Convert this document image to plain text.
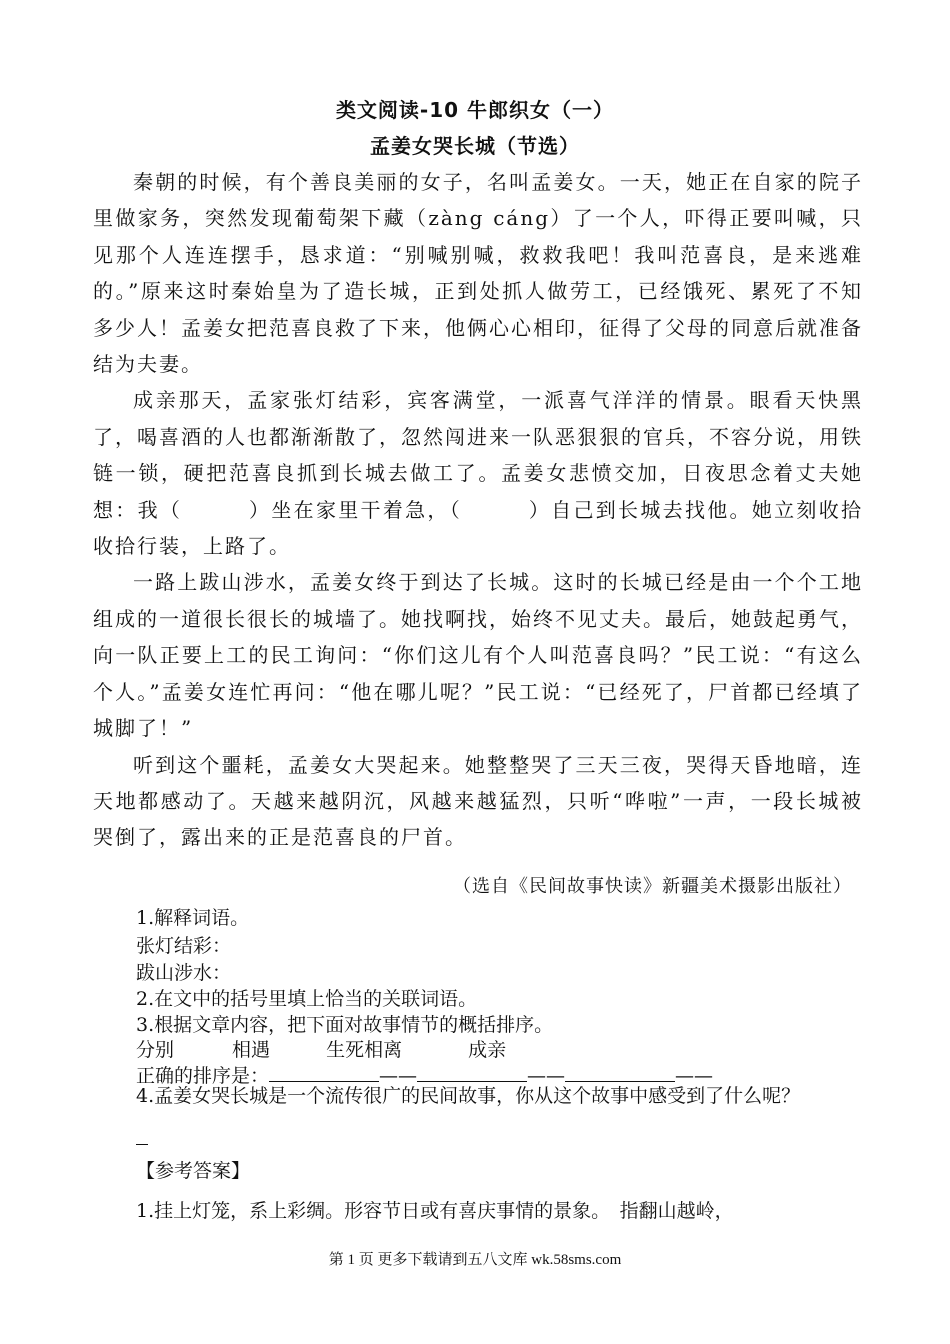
类文阅读-10 牛郎织女（一）
孟姜女哭长城（节选）

秦朝的时候，有个善良美丽的女子，名叫孟姜女。一天，她正在自家的院子里做家务，突然发现葡萄架下藏（zàng cáng）了一个人，吓得正要叫喊，只见那个人连连摆手，恳求道：“别喊别喊，救救我吧！我叫范喜良，是来逃难的。”原来这时秦始皇为了造长城，正到处抓人做劳工，已经饿死、累死了不知多少人！孟姜女把范喜良救了下来，他俩心心相印，征得了父母的同意后就准备结为夫妻。

成亲那天，孟家张灯结彩，宾客满堂，一派喜气洋洋的情景。眼看天快黑了，喝喜酒的人也都渐渐散了，忽然闯进来一队恶狠狠的官兵，不容分说，用铁链一锁，硬把范喜良抓到长城去做工了。孟姜女悲愤交加，日夜思念着丈夫她想：我（　　　）坐在家里干着急，（　　　）自己到长城去找他。她立刻收拾收拾行装，上路了。

一路上跋山涉水，孟姜女终于到达了长城。这时的长城已经是由一个个工地组成的一道很长很长的城墙了。她找啊找，始终不见丈夫。最后，她鼓起勇气，向一队正要上工的民工询问：“你们这儿有个人叫范喜良吗？”民工说：“有这么个人。”孟姜女连忙再问：“他在哪儿呢？”民工说：“已经死了，尸首都已经填了城脚了！”

听到这个噩耗，孟姜女大哭起来。她整整哭了三天三夜，哭得天昏地暗，连天地都感动了。天越来越阴沉，风越来越猛烈，只听“哗啦”一声，一段长城被哭倒了，露出来的正是范喜良的尸首。

（选自《民间故事快读》新疆美术摄影出版社）
1.解释词语。
张灯结彩：
跋山涉水：
2.在文中的括号里填上恰当的关联词语。
3.根据文章内容，把下面对故事情节的概括排序。
分别	相遇	生死相离	成亲
正确的排序是：	——	——	——
4.孟姜女哭长城是一个流传很广的民间故事，你从这个故事中感受到了什么呢？
【参考答案】
1.挂上灯笼，系上彩绸。形容节日或有喜庆事情的景象。　指翻山越岭，
第 1 页 更多下载请到五八文库 wk.58sms.com
